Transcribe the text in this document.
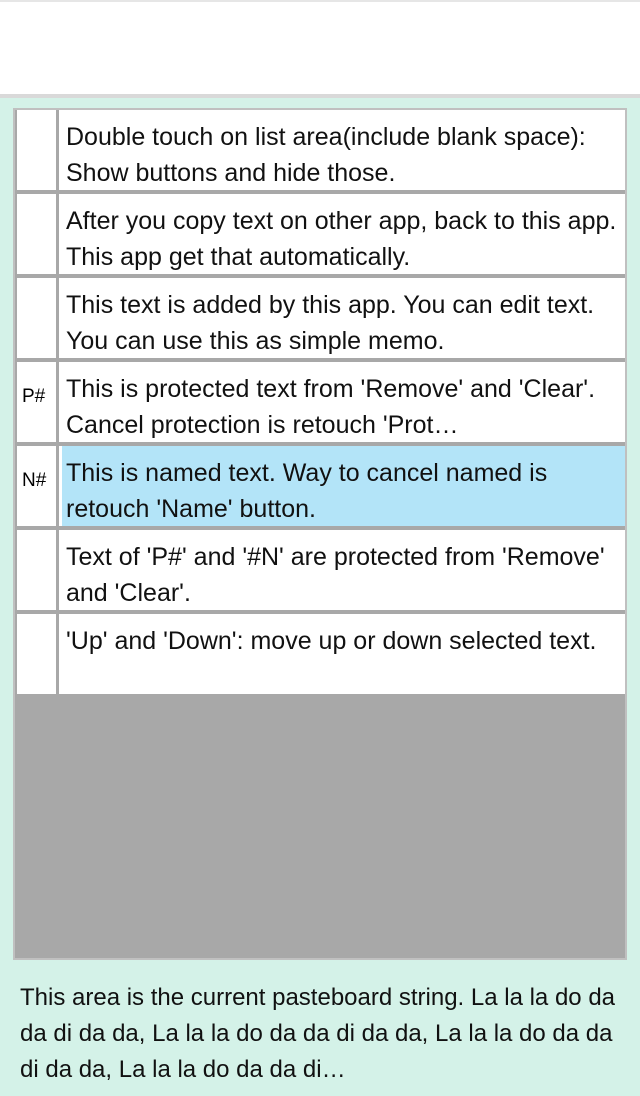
Double touch on list area(include blank space): Show buttons and hide those.
After you copy text on other app, back to this app. This app get that automatically.
This text is added by this app. You can edit text. You can use this as simple memo.
P# This is protected text from 'Remove' and 'Clear'. Cancel protection is retouch 'Prot…
N# This is named text. Way to cancel named is retouch 'Name' button.
Text of 'P#' and '#N' are protected from 'Remove' and 'Clear'.
'Up' and 'Down': move up or down selected text.
This area is the current pasteboard string. La la la do da da di da da, La la la do da da di da da, La la la do da da di da da, La la la do da da di…
